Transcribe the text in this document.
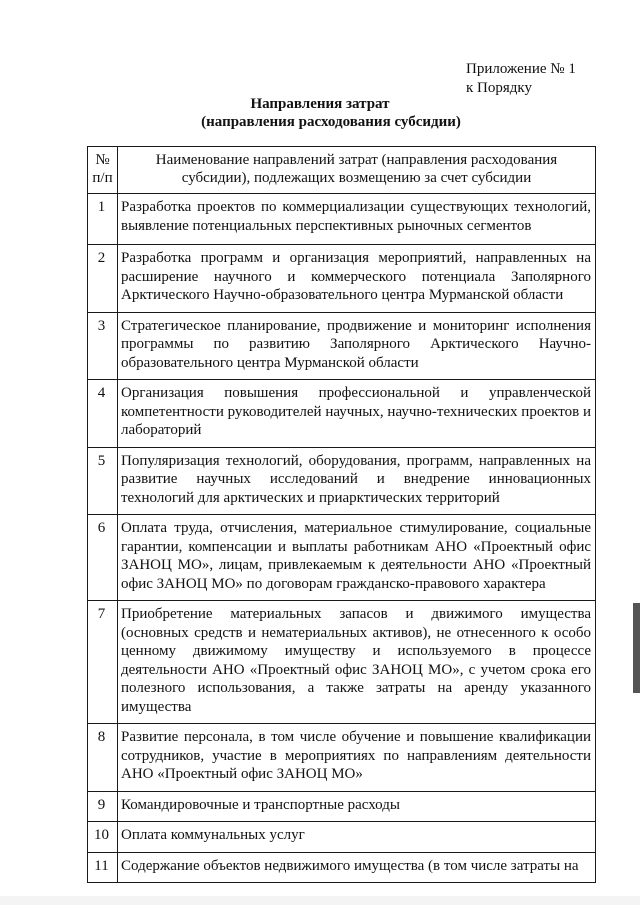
Приложение № 1
к Порядку
Направления затрат
(направления расходования субсидии)
№ п/п	Наименование направлений затрат (направления расходования субсидии), подлежащих возмещению за счет субсидии
1	Разработка проектов по коммерциализации существующих технологий, выявление потенциальных перспективных рыночных сегментов
2	Разработка программ и организация мероприятий, направленных на расширение научного и коммерческого потенциала Заполярного Арктического Научно-образовательного центра Мурманской области
3	Стратегическое планирование, продвижение и мониторинг исполнения программы по развитию Заполярного Арктического Научно-образовательного центра Мурманской области
4	Организация повышения профессиональной и управленческой компетентности руководителей научных, научно-технических проектов и лабораторий
5	Популяризация технологий, оборудования, программ, направленных на развитие научных исследований и внедрение инновационных технологий для арктических и приарктических территорий
6	Оплата труда, отчисления, материальное стимулирование, социальные гарантии, компенсации и выплаты работникам АНО «Проектный офис ЗАНОЦ МО», лицам, привлекаемым к деятельности АНО «Проектный офис ЗАНОЦ МО» по договорам гражданско-правового характера
7	Приобретение материальных запасов и движимого имущества (основных средств и нематериальных активов), не отнесенного к особо ценному движимому имуществу и используемого в процессе деятельности АНО «Проектный офис ЗАНОЦ МО», с учетом срока его полезного использования, а также затраты на аренду указанного имущества
8	Развитие персонала, в том числе обучение и повышение квалификации сотрудников, участие в мероприятиях по направлениям деятельности АНО «Проектный офис ЗАНОЦ МО»
9	Командировочные и транспортные расходы
10	Оплата коммунальных услуг
11	Содержание объектов недвижимого имущества (в том числе затраты на
